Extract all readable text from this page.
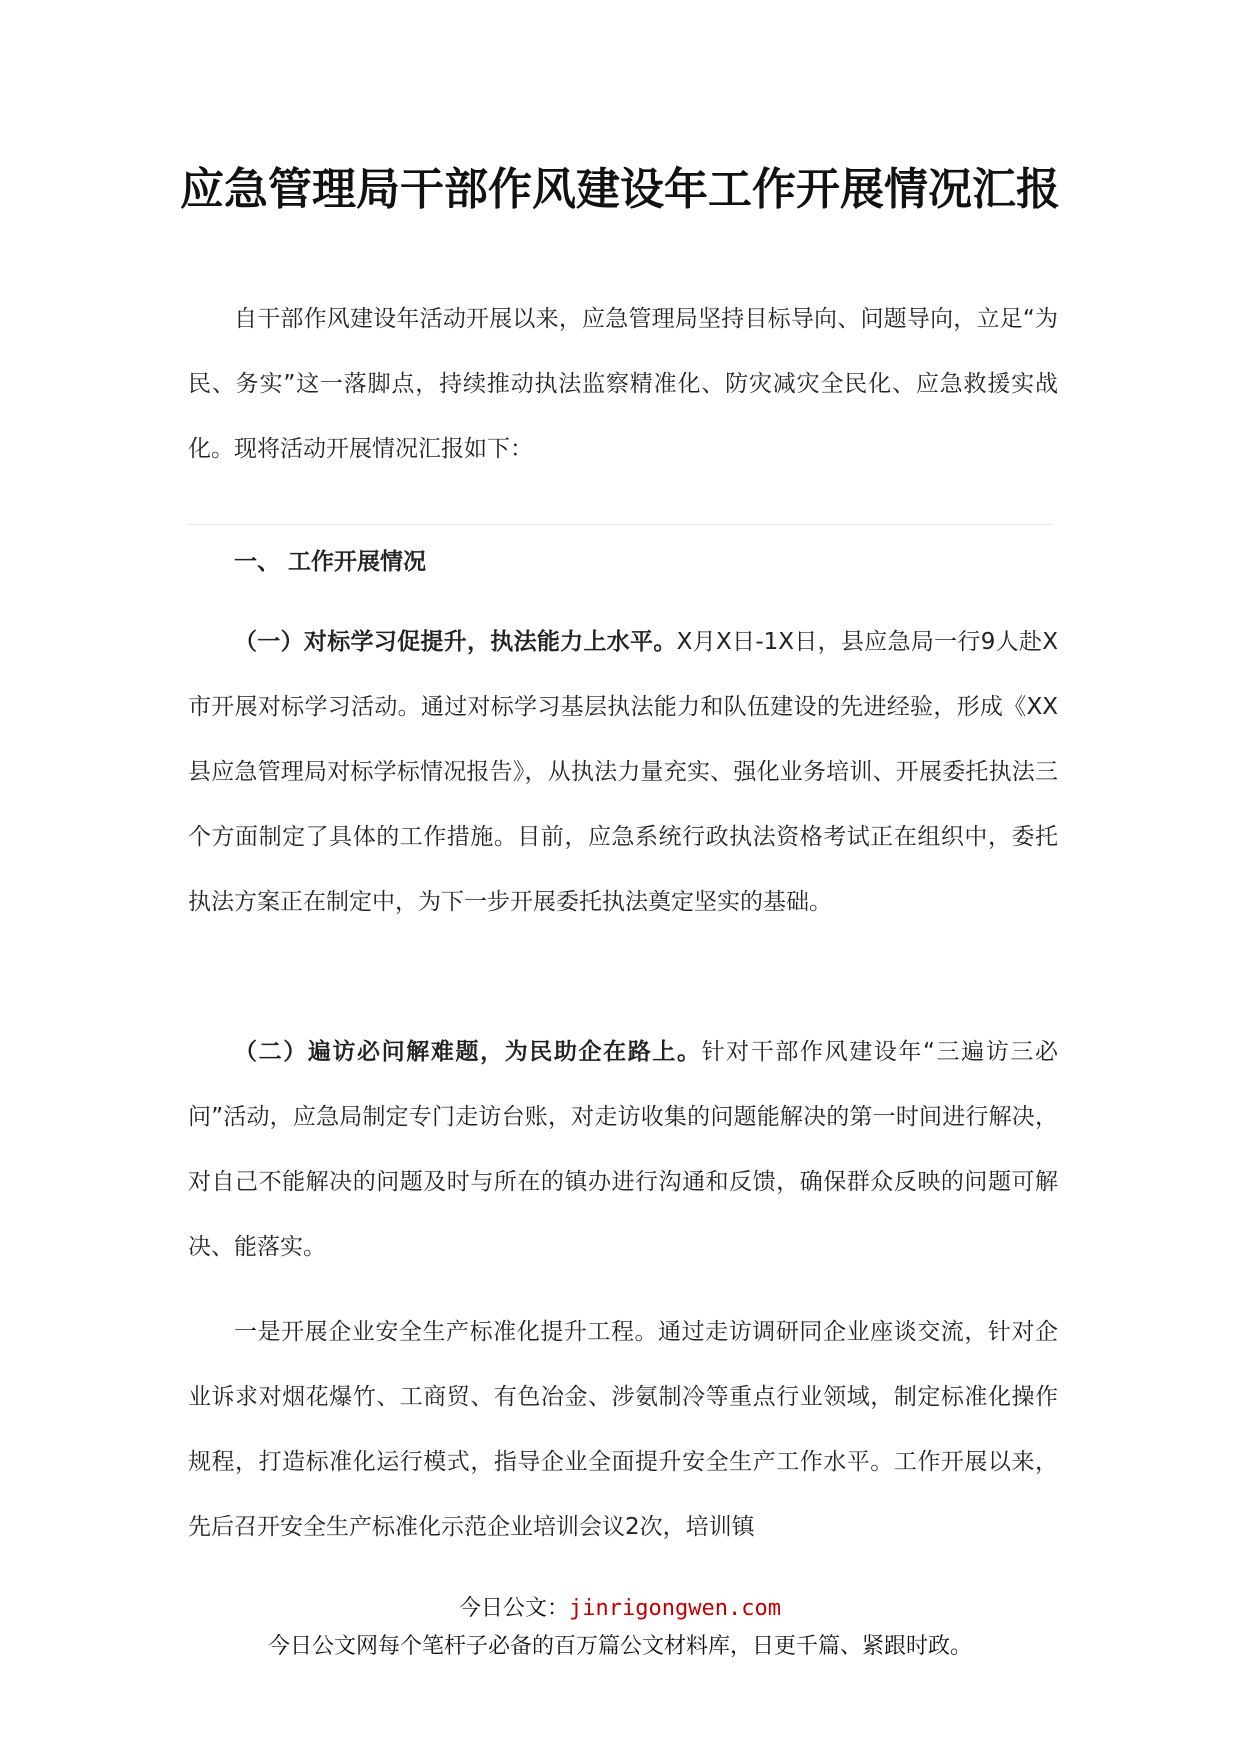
应急管理局干部作风建设年工作开展情况汇报

自干部作风建设年活动开展以来，应急管理局坚持目标导向、问题导向，立足“为民、务实”这一落脚点，持续推动执法监察精准化、防灾减灾全民化、应急救援实战化。现将活动开展情况汇报如下：

一、 工作开展情况

（一）对标学习促提升，执法能力上水平。X月X日-1X日，县应急局一行9人赴X市开展对标学习活动。通过对标学习基层执法能力和队伍建设的先进经验，形成《XX县应急管理局对标学标情况报告》，从执法力量充实、强化业务培训、开展委托执法三个方面制定了具体的工作措施。目前，应急系统行政执法资格考试正在组织中，委托执法方案正在制定中，为下一步开展委托执法奠定坚实的基础。

（二）遍访必问解难题，为民助企在路上。针对干部作风建设年“三遍访三必问”活动，应急局制定专门走访台账，对走访收集的问题能解决的第一时间进行解决，对自己不能解决的问题及时与所在的镇办进行沟通和反馈，确保群众反映的问题可解决、能落实。

一是开展企业安全生产标准化提升工程。通过走访调研同企业座谈交流，针对企业诉求对烟花爆竹、工商贸、有色冶金、涉氨制冷等重点行业领域，制定标准化操作规程，打造标准化运行模式，指导企业全面提升安全生产工作水平。工作开展以来，先后召开安全生产标准化示范企业培训会议2次，培训镇

今日公文：jinrigongwen.com
今日公文网每个笔杆子必备的百万篇公文材料库，日更千篇、紧跟时政。
